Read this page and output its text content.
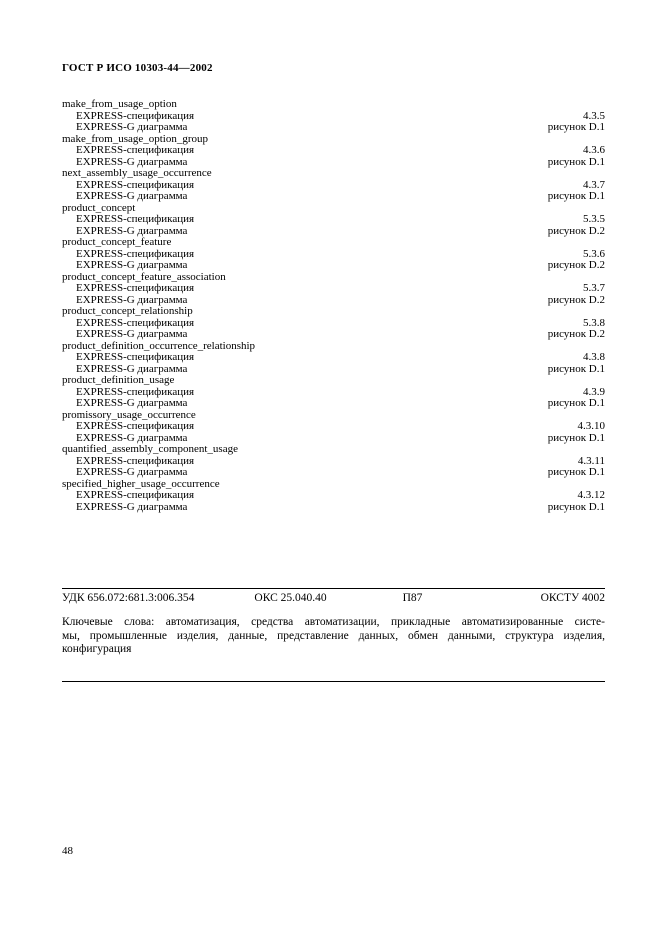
ГОСТ Р ИСО 10303-44—2002
make_from_usage_option
EXPRESS-спецификация	4.3.5
EXPRESS-G диаграмма	рисунок D.1
make_from_usage_option_group
EXPRESS-спецификация	4.3.6
EXPRESS-G диаграмма	рисунок D.1
next_assembly_usage_occurrence
EXPRESS-спецификация	4.3.7
EXPRESS-G диаграмма	рисунок D.1
product_concept
EXPRESS-спецификация	5.3.5
EXPRESS-G диаграмма	рисунок D.2
product_concept_feature
EXPRESS-спецификация	5.3.6
EXPRESS-G диаграмма	рисунок D.2
product_concept_feature_association
EXPRESS-спецификация	5.3.7
EXPRESS-G диаграмма	рисунок D.2
product_concept_relationship
EXPRESS-спецификация	5.3.8
EXPRESS-G диаграмма	рисунок D.2
product_definition_occurrence_relationship
EXPRESS-спецификация	4.3.8
EXPRESS-G диаграмма	рисунок D.1
product_definition_usage
EXPRESS-спецификация	4.3.9
EXPRESS-G диаграмма	рисунок D.1
promissory_usage_occurrence
EXPRESS-спецификация	4.3.10
EXPRESS-G диаграмма	рисунок D.1
quantified_assembly_component_usage
EXPRESS-спецификация	4.3.11
EXPRESS-G диаграмма	рисунок D.1
specified_higher_usage_occurrence
EXPRESS-спецификация	4.3.12
EXPRESS-G диаграмма	рисунок D.1
УДК 656.072:681.3:006.354	ОКС 25.040.40	П87	ОКСТУ 4002
Ключевые слова: автоматизация, средства автоматизации, прикладные автоматизированные систе-
мы, промышленные изделия, данные, представление данных, обмен данными, структура изделия,
конфигурация
48
